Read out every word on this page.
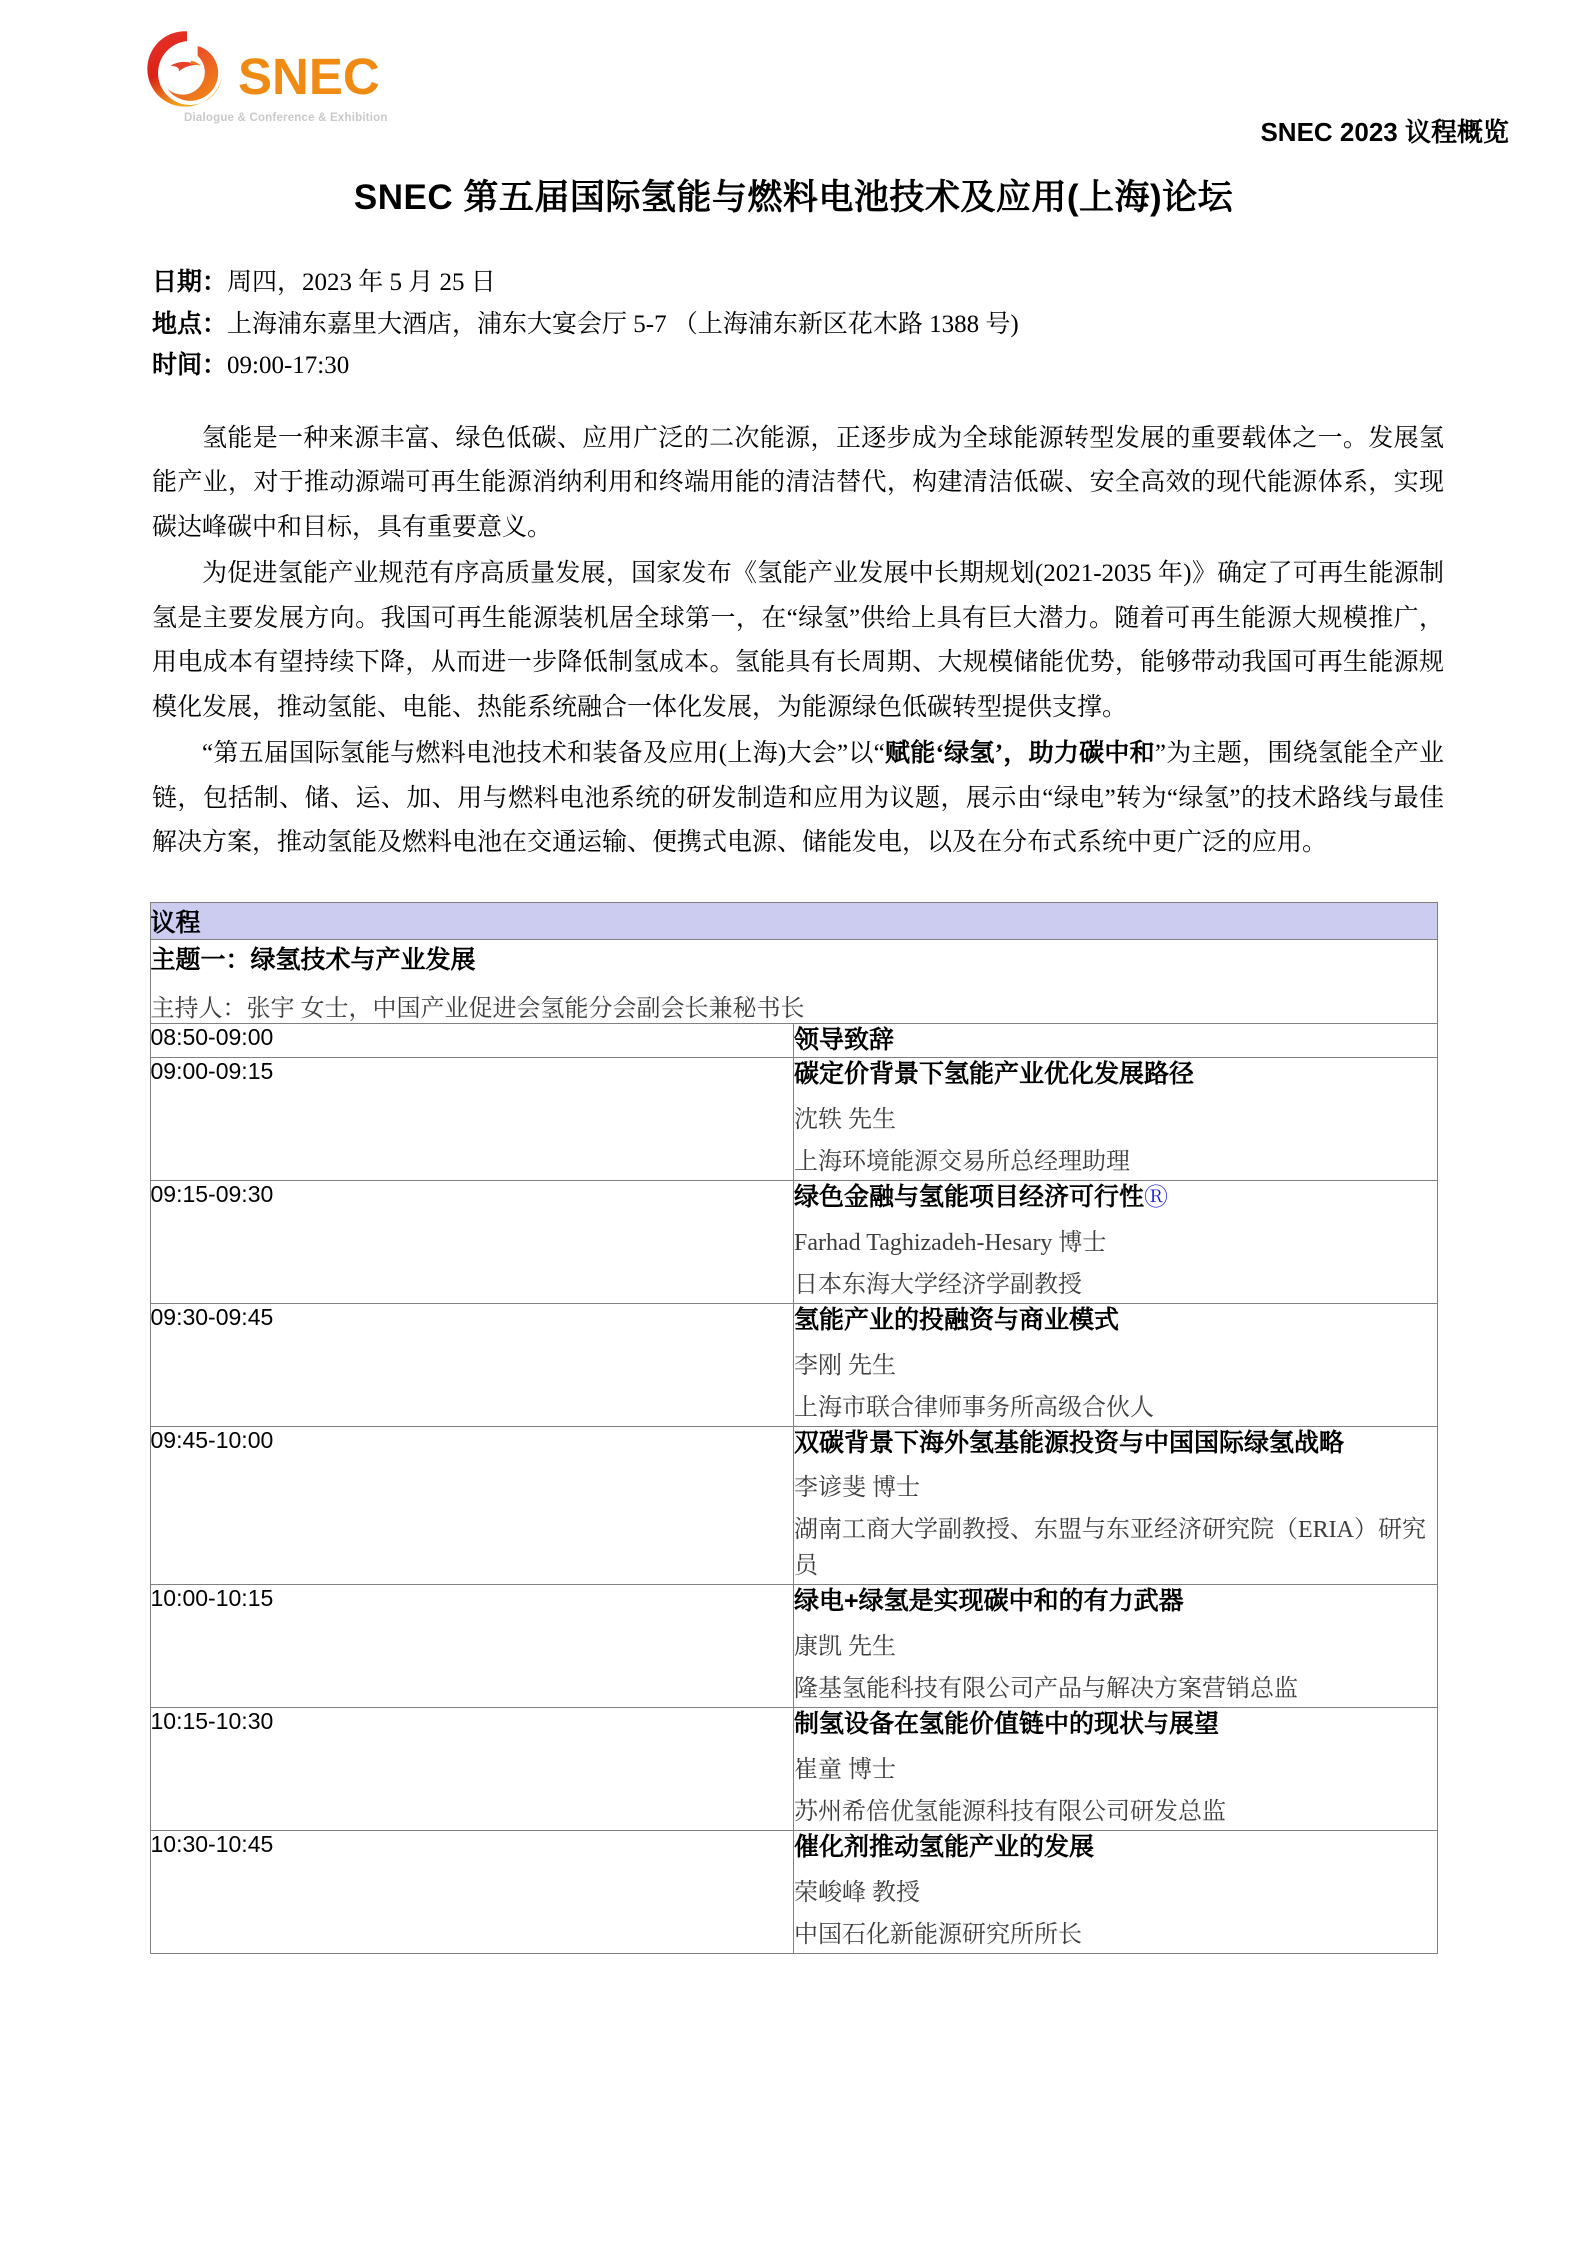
SNEC
Dialogue & Conference & Exhibition	SNEC 2023 议程概览
SNEC 第五届国际氢能与燃料电池技术及应用(上海)论坛
日期：周四，2023 年 5 月 25 日
地点：上海浦东嘉里大酒店，浦东大宴会厅 5-7 （上海浦东新区花木路 1388 号)
时间：09:00-17:30

氢能是一种来源丰富、绿色低碳、应用广泛的二次能源，正逐步成为全球能源转型发展的重要载体之一。发展氢能产业，对于推动源端可再生能源消纳利用和终端用能的清洁替代，构建清洁低碳、安全高效的现代能源体系，实现碳达峰碳中和目标，具有重要意义。

为促进氢能产业规范有序高质量发展，国家发布《氢能产业发展中长期规划(2021-2035 年)》确定了可再生能源制氢是主要发展方向。我国可再生能源装机居全球第一，在“绿氢”供给上具有巨大潜力。随着可再生能源大规模推广，用电成本有望持续下降，从而进一步降低制氢成本。氢能具有长周期、大规模储能优势，能够带动我国可再生能源规模化发展，推动氢能、电能、热能系统融合一体化发展，为能源绿色低碳转型提供支撑。

“第五届国际氢能与燃料电池技术和装备及应用(上海)大会”以“赋能‘绿氢’，助力碳中和”为主题，围绕氢能全产业链，包括制、储、运、加、用与燃料电池系统的研发制造和应用为议题，展示由“绿电”转为“绿氢”的技术路线与最佳解决方案，推动氢能及燃料电池在交通运输、便携式电源、储能发电，以及在分布式系统中更广泛的应用。

议程	

主题一：绿氢技术与产业发展
主持人：张宇 女士，中国产业促进会氢能分会副会长兼秘书长	

08:50-09:00	领导致辞

09:00-09:15	碳定价背景下氢能产业优化发展路径
沈轶 先生
上海环境能源交易所总经理助理

09:15-09:30	绿色金融与氢能项目经济可行性Ⓡ
Farhad Taghizadeh-Hesary 博士
日本东海大学经济学副教授

09:30-09:45	氢能产业的投融资与商业模式
李刚 先生
上海市联合律师事务所高级合伙人

09:45-10:00	双碳背景下海外氢基能源投资与中国国际绿氢战略
李谚斐 博士
湖南工商大学副教授、东盟与东亚经济研究院（ERIA）研究员

10:00-10:15	绿电+绿氢是实现碳中和的有力武器
康凯 先生
隆基氢能科技有限公司产品与解决方案营销总监

10:15-10:30	制氢设备在氢能价值链中的现状与展望
崔童 博士
苏州希倍优氢能源科技有限公司研发总监

10:30-10:45	催化剂推动氢能产业的发展
荣峻峰 教授
中国石化新能源研究所所长
